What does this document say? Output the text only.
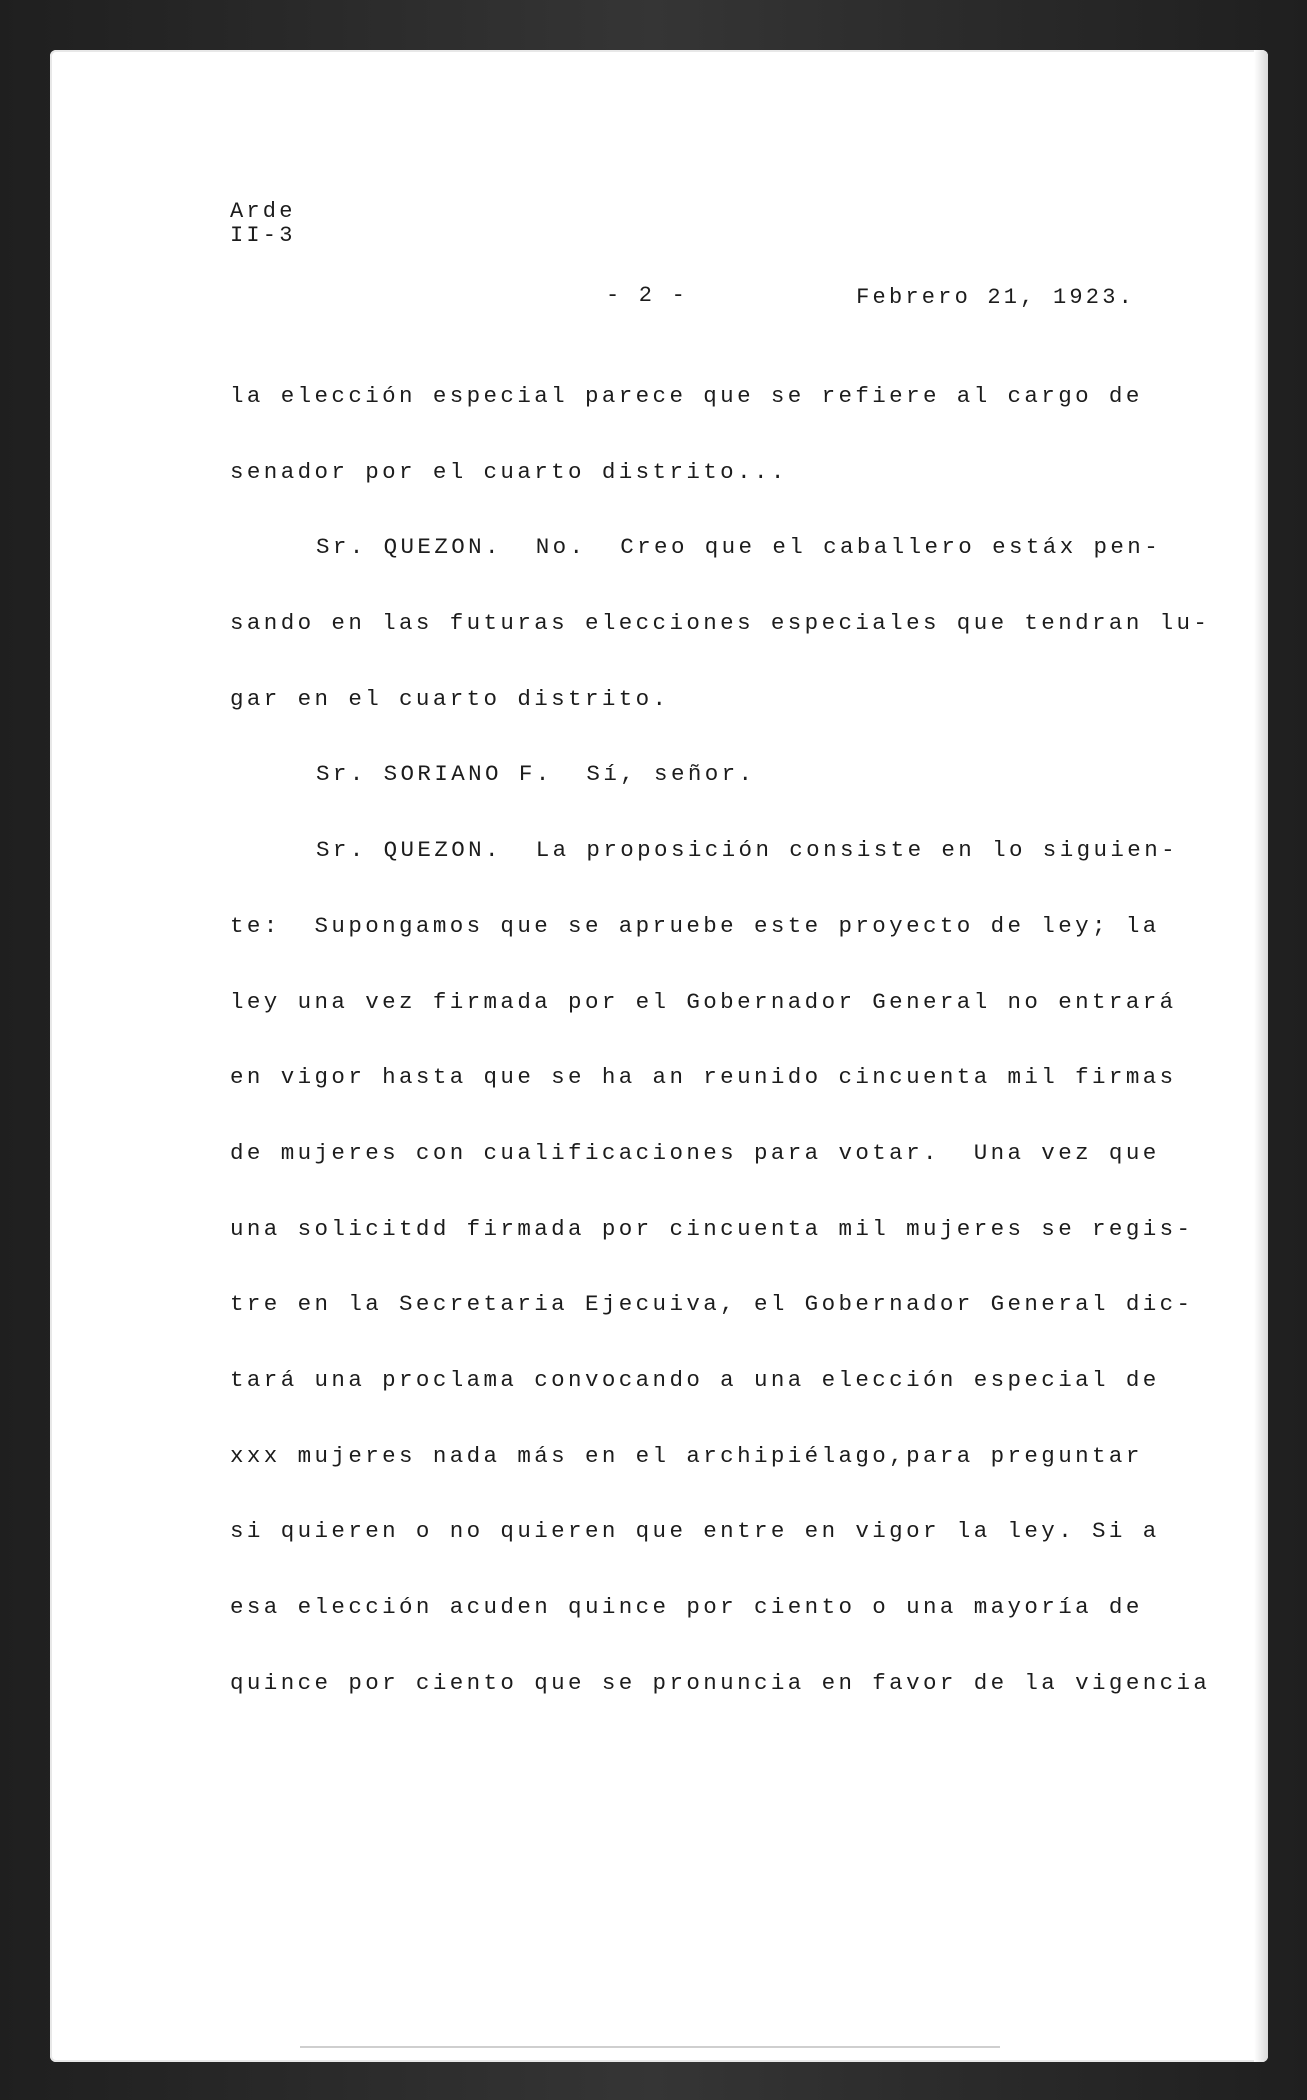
Arde
II-3
- 2 -	Febrero 21, 1923.
la elección especial parece que se refiere al cargo de
senador por el cuarto distrito...
Sr. QUEZON.  No.  Creo que el caballero estáx pen-
sando en las futuras elecciones especiales que tendran lu-
gar en el cuarto distrito.
Sr. SORIANO F.  Sí, señor.
Sr. QUEZON.  La proposición consiste en lo siguien-
te:  Supongamos que se apruebe este proyecto de ley; la
ley una vez firmada por el Gobernador General no entrará
en vigor hasta que se ha an reunido cincuenta mil firmas
de mujeres con cualificaciones para votar.  Una vez que
una solicitdd firmada por cincuenta mil mujeres se regis-
tre en la Secretaria Ejecuiva, el Gobernador General dic-
tará una proclama convocando a una elección especial de
xxx mujeres nada más en el archipiélago,para preguntar
si quieren o no quieren que entre en vigor la ley. Si a
esa elección acuden quince por ciento o una mayoría de
quince por ciento que se pronuncia en favor de la vigencia
